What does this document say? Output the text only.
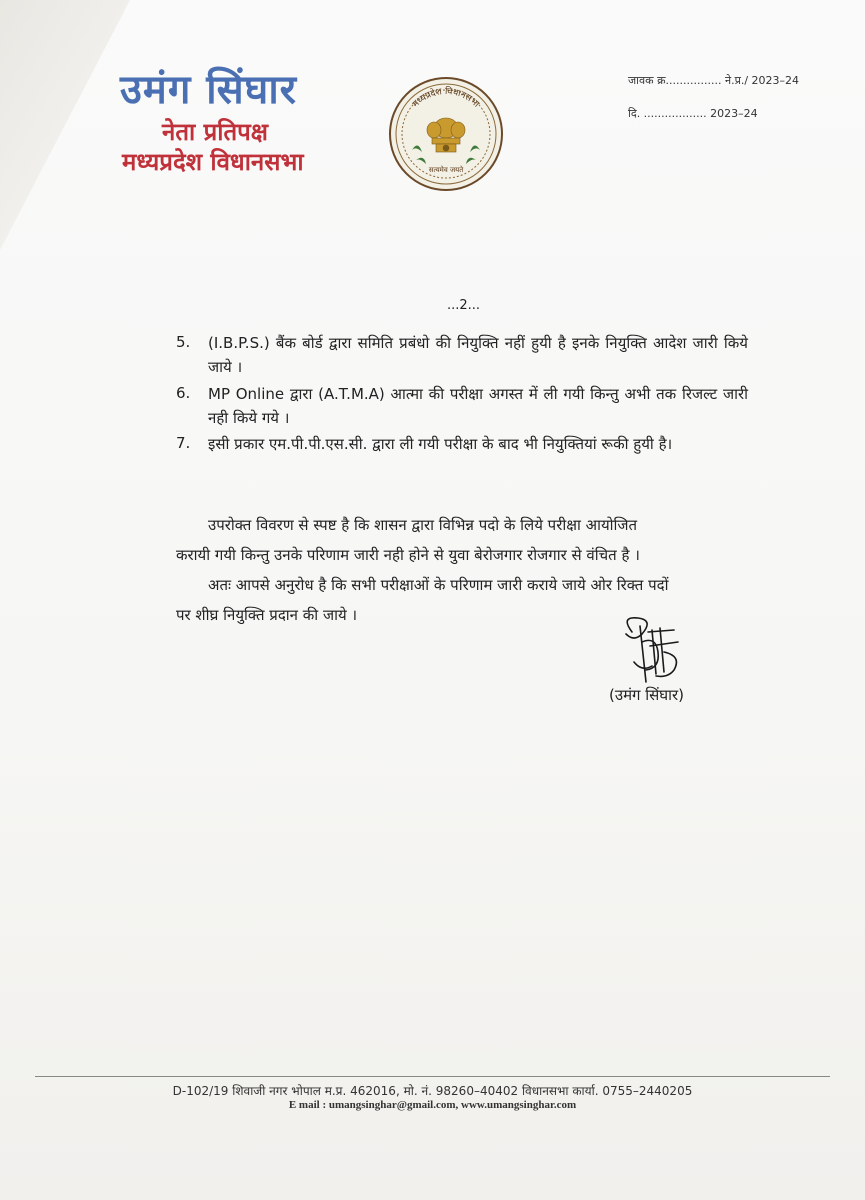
उमंग सिंघार
नेता प्रतिपक्ष
मध्यप्रदेश विधानसभा
मध्यप्रदेश विधानसभा
सत्यमेव जयते
जावक क्र................ ने.प्र./ 2023–24
दि. .................. 2023–24
...2...
5. (I.B.P.S.) बैंक बोर्ड द्वारा समिति प्रबंधो की नियुक्ति नहीं हुयी है इनके नियुक्ति आदेश जारी किये जाये ।
6. MP Online द्वारा (A.T.M.A) आत्मा की परीक्षा अगस्त में ली गयी किन्तु अभी तक रिजल्ट जारी नही किये गये ।
7. इसी प्रकार एम.पी.पी.एस.सी. द्वारा ली गयी परीक्षा के बाद भी नियुक्तियां रूकी हुयी है।
उपरोक्त विवरण से स्पष्ट है कि शासन द्वारा विभिन्न पदो के लिये परीक्षा आयोजित
करायी गयी किन्तु उनके परिणाम जारी नही होने से युवा बेरोजगार रोजगार से वंचित है ।
अतः आपसे अनुरोध है कि सभी परीक्षाओं के परिणाम जारी कराये जाये ओर रिक्त पदों
पर शीघ्र नियुक्ति प्रदान की जाये ।
(उमंग सिंघार)
D-102/19 शिवाजी नगर भोपाल म.प्र. 462016, मो. नं. 98260–40402 विधानसभा कार्या. 0755–2440205
E mail : umangsinghar@gmail.com, www.umangsinghar.com
